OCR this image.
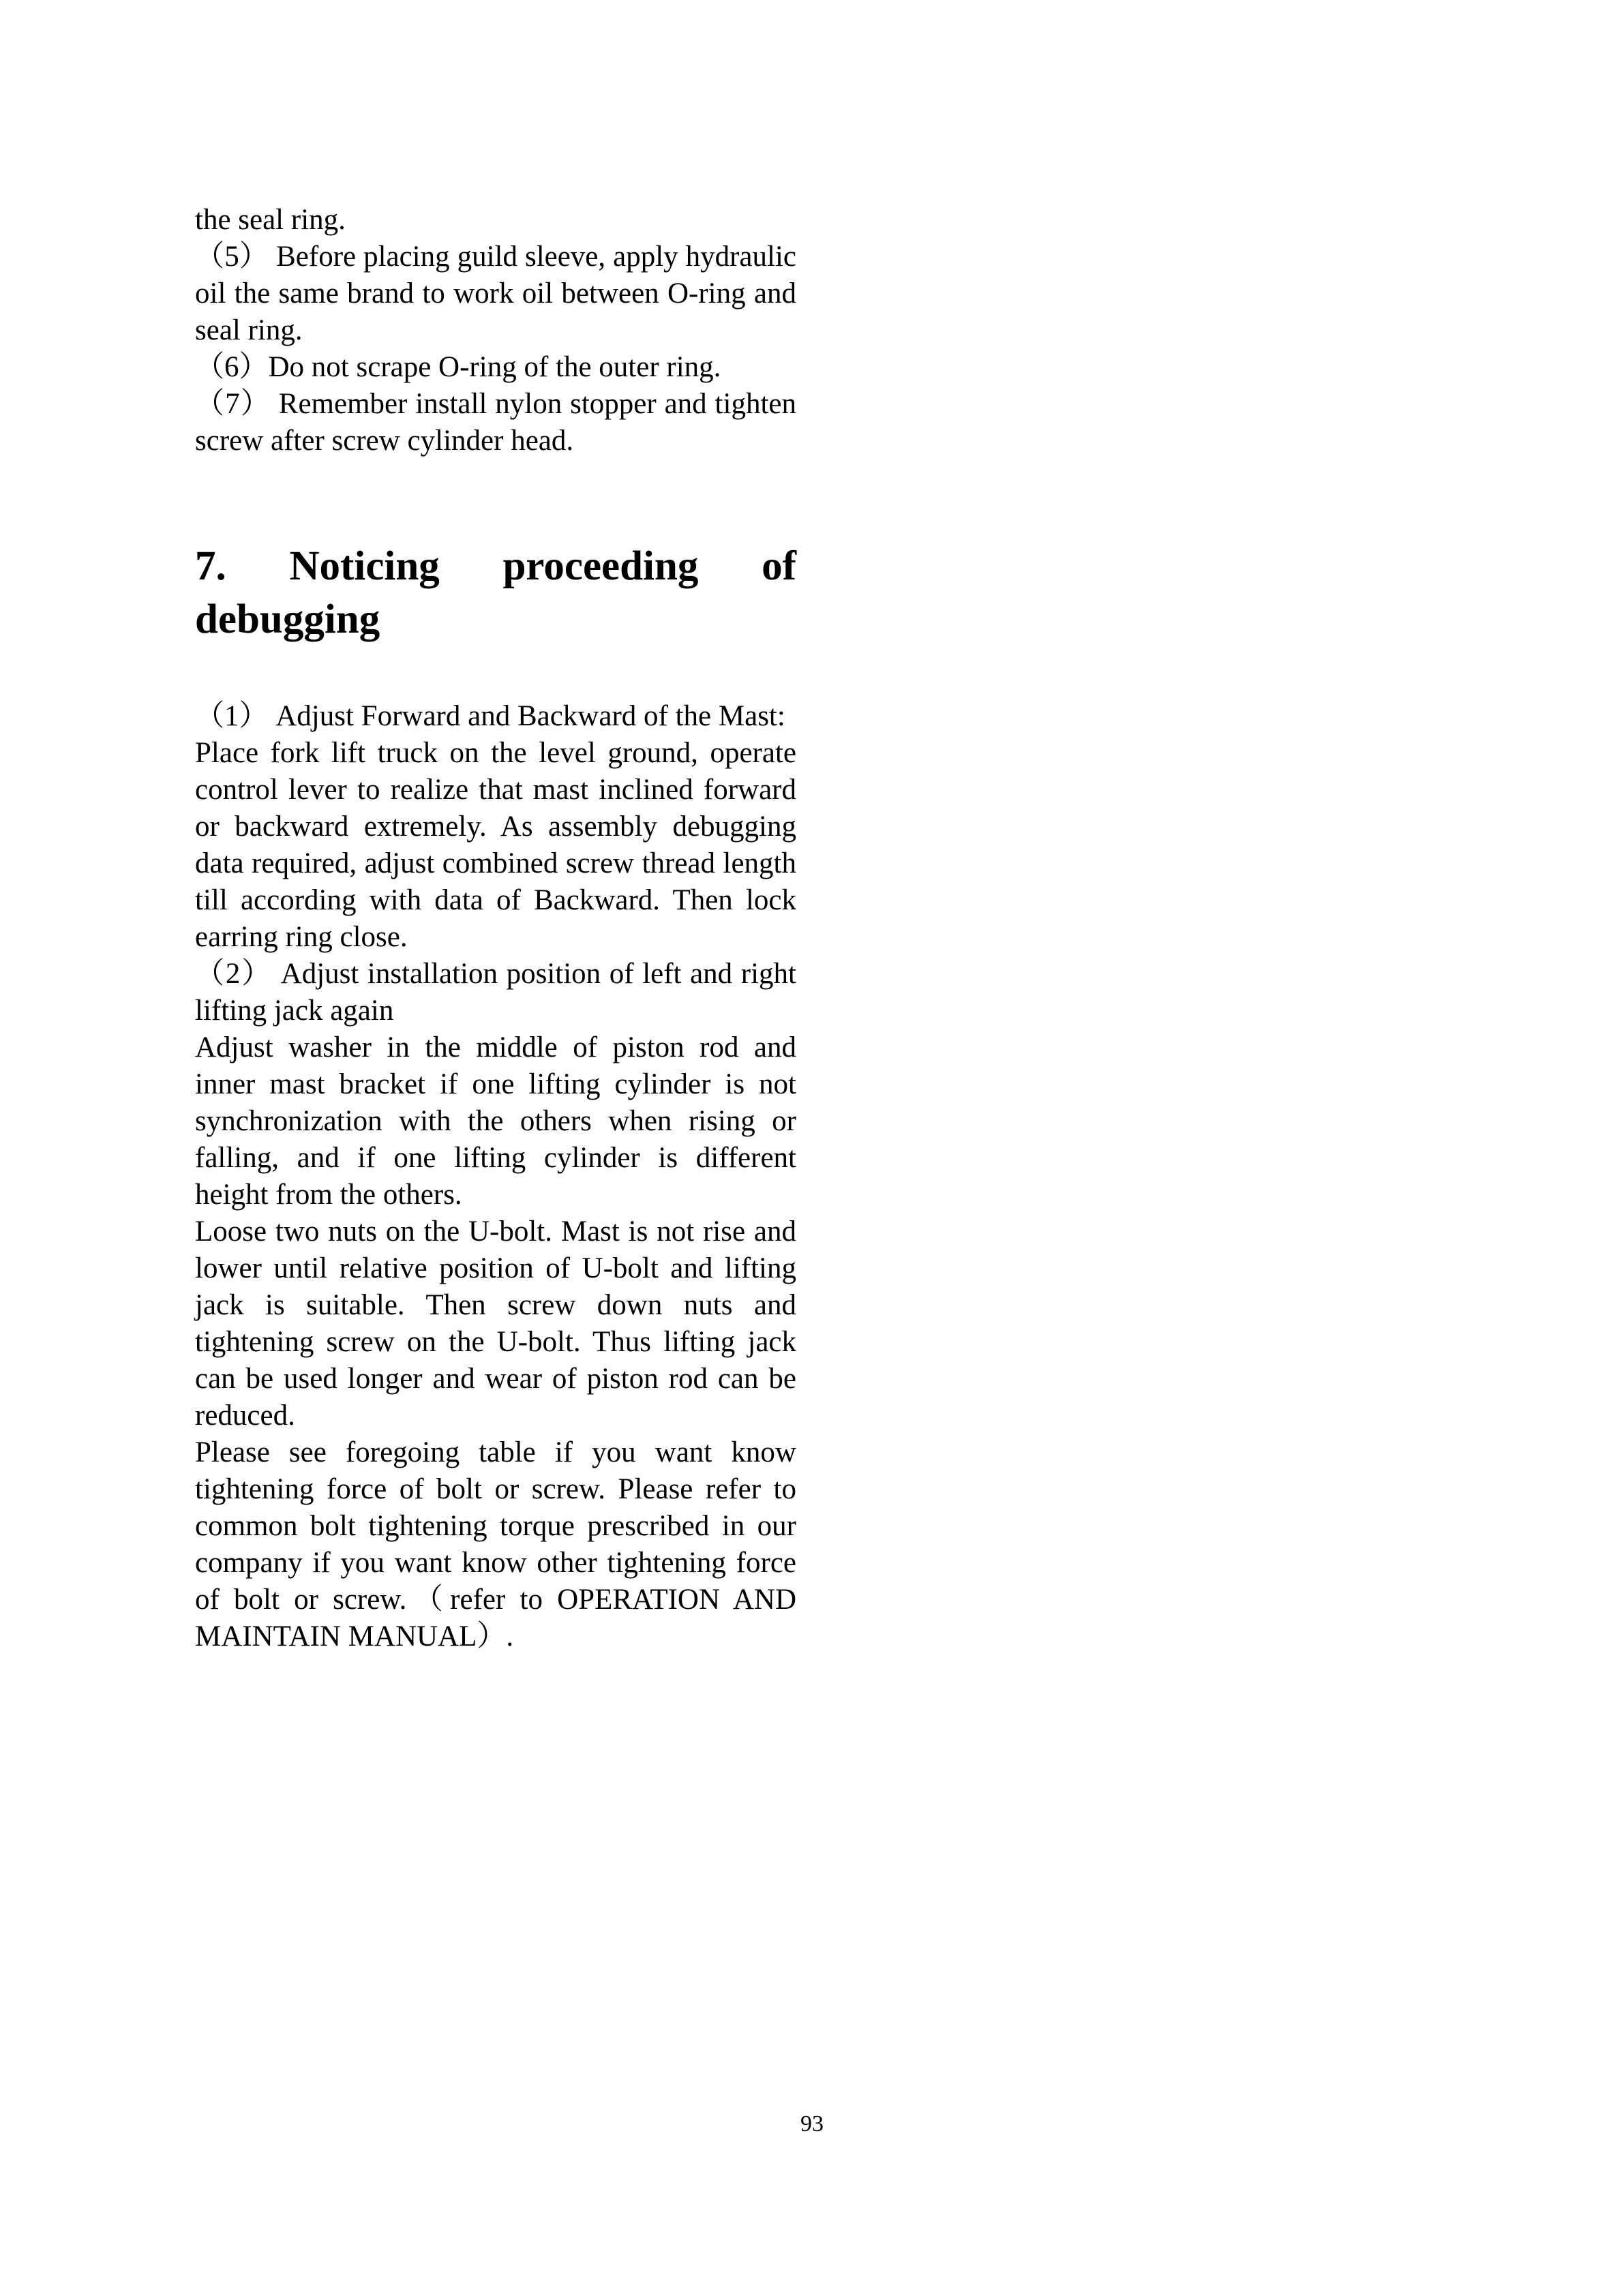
the seal ring.

（5） Before placing guild sleeve, apply hydraulic oil the same brand to work oil between O-ring and seal ring.

（6）Do not scrape O-ring of the outer ring.

（7） Remember install nylon stopper and tighten screw after screw cylinder head.

7. Noticing proceeding of
debugging

（1） Adjust Forward and Backward of the Mast:

Place fork lift truck on the level ground, operate control lever to realize that mast inclined forward or backward extremely. As assembly debugging data required, adjust combined screw thread length till according with data of Backward. Then lock earring ring close.

（2） Adjust installation position of left and right lifting jack again

Adjust washer in the middle of piston rod and inner mast bracket if one lifting cylinder is not synchronization with the others when rising or falling, and if one lifting cylinder is different height from the others.

Loose two nuts on the U-bolt. Mast is not rise and lower until relative position of U-bolt and lifting jack is suitable. Then screw down nuts and tightening screw on the U-bolt. Thus lifting jack can be used longer and wear of piston rod can be reduced.

Please see foregoing table if you want know tightening force of bolt or screw. Please refer to common bolt tightening torque prescribed in our company if you want know other tightening force of bolt or screw.（refer to OPERATION AND MAINTAIN MANUAL）.

93
